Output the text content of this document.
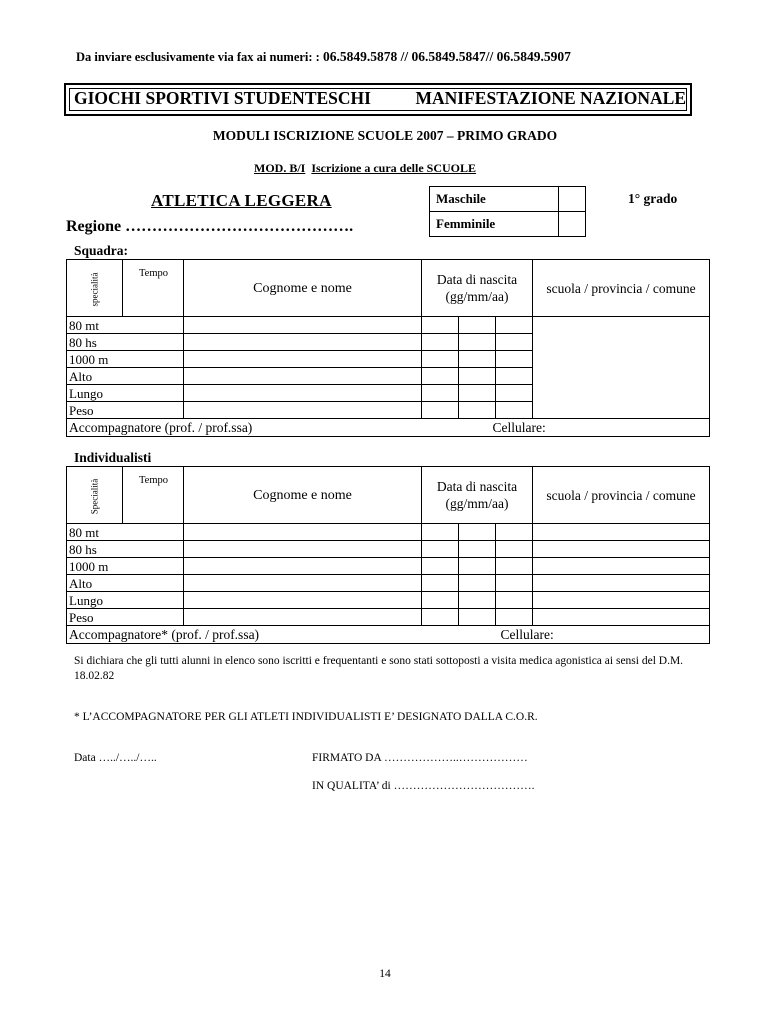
Da inviare esclusivamente via fax ai numeri: : 06.5849.5878 // 06.5849.5847// 06.5849.5907
GIOCHI SPORTIVI STUDENTESCHI	MANIFESTAZIONE NAZIONALE
MODULI ISCRIZIONE SCUOLE 2007 – PRIMO GRADO
MOD. B/I Iscrizione a cura delle SCUOLE
ATLETICA LEGGERA	1° grado
Maschile	
Femminile	
Regione …………………………………….
Squadra:
specialità	Tempo	Cognome e nome	Data di nascita (gg/mm/aa)			scuola / provincia / comune
80 mt						
80 hs						
1000 m						
Alto						
Lungo						
Peso						
Accompagnatore (prof. / prof.ssa) Cellulare:						
Individualisti
Specialità	Tempo	Cognome e nome	Data di nascita (gg/mm/aa)			scuola / provincia / comune
80 mt						
80 hs						
1000 m						
Alto						
Lungo						
Peso						
Accompagnatore* (prof. / prof.ssa) Cellulare:						
Si dichiara che gli tutti alunni in elenco sono iscritti e frequentanti e sono stati sottoposti a visita medica agonistica ai sensi del D.M. 18.02.82
* L’ACCOMPAGNATORE PER GLI ATLETI INDIVIDUALISTI E’ DESIGNATO DALLA C.O.R.
Data …../…../…..	FIRMATO DA ………………..………………
IN QUALITA’ di ……………………………….
14
